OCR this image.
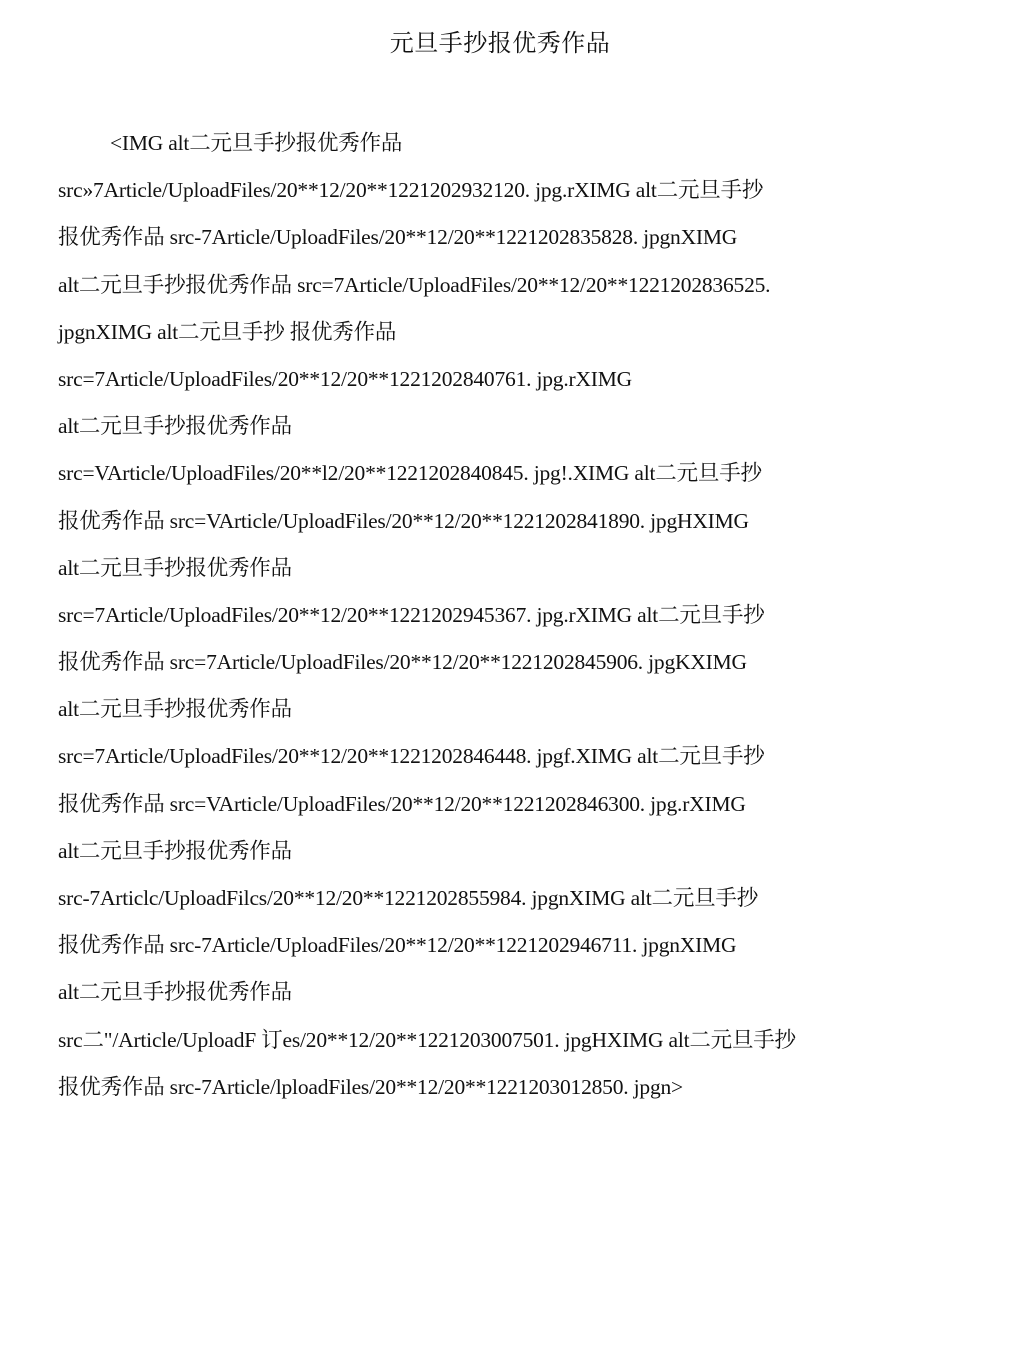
元旦手抄报优秀作品
<IMG alt二元旦手抄报优秀作品
src»7Article/UploadFiles/20**12/20**1221202932120. jpg.rXIMG alt二元旦手抄
报优秀作品 src-7Article/UploadFiles/20**12/20**1221202835828. jpgnXIMG
alt二元旦手抄报优秀作品 src=7Article/UploadFiles/20**12/20**1221202836525.
jpgnXIMG alt二元旦手抄 报优秀作品
src=7Article/UploadFiles/20**12/20**1221202840761. jpg.rXIMG
alt二元旦手抄报优秀作品
src=VArticle/UploadFiles/20**l2/20**1221202840845. jpg!.XIMG alt二元旦手抄
报优秀作品 src=VArticle/UploadFiles/20**12/20**1221202841890. jpgHXIMG
alt二元旦手抄报优秀作品
src=7Article/UploadFiles/20**12/20**1221202945367. jpg.rXIMG alt二元旦手抄
报优秀作品 src=7Article/UploadFiles/20**12/20**1221202845906. jpgKXIMG
alt二元旦手抄报优秀作品
src=7Article/UploadFiles/20**12/20**1221202846448. jpgf.XIMG alt二元旦手抄
报优秀作品 src=VArticle/UploadFiles/20**12/20**1221202846300. jpg.rXIMG
alt二元旦手抄报优秀作品
src-7Articlc/UploadFilcs/20**12/20**1221202855984. jpgnXIMG alt二元旦手抄
报优秀作品 src-7Article/UploadFiles/20**12/20**1221202946711. jpgnXIMG
alt二元旦手抄报优秀作品
src二"/Article/UploadF 订es/20**12/20**1221203007501. jpgHXIMG alt二元旦手抄
报优秀作品 src-7Article/lploadFiles/20**12/20**1221203012850. jpgn>
